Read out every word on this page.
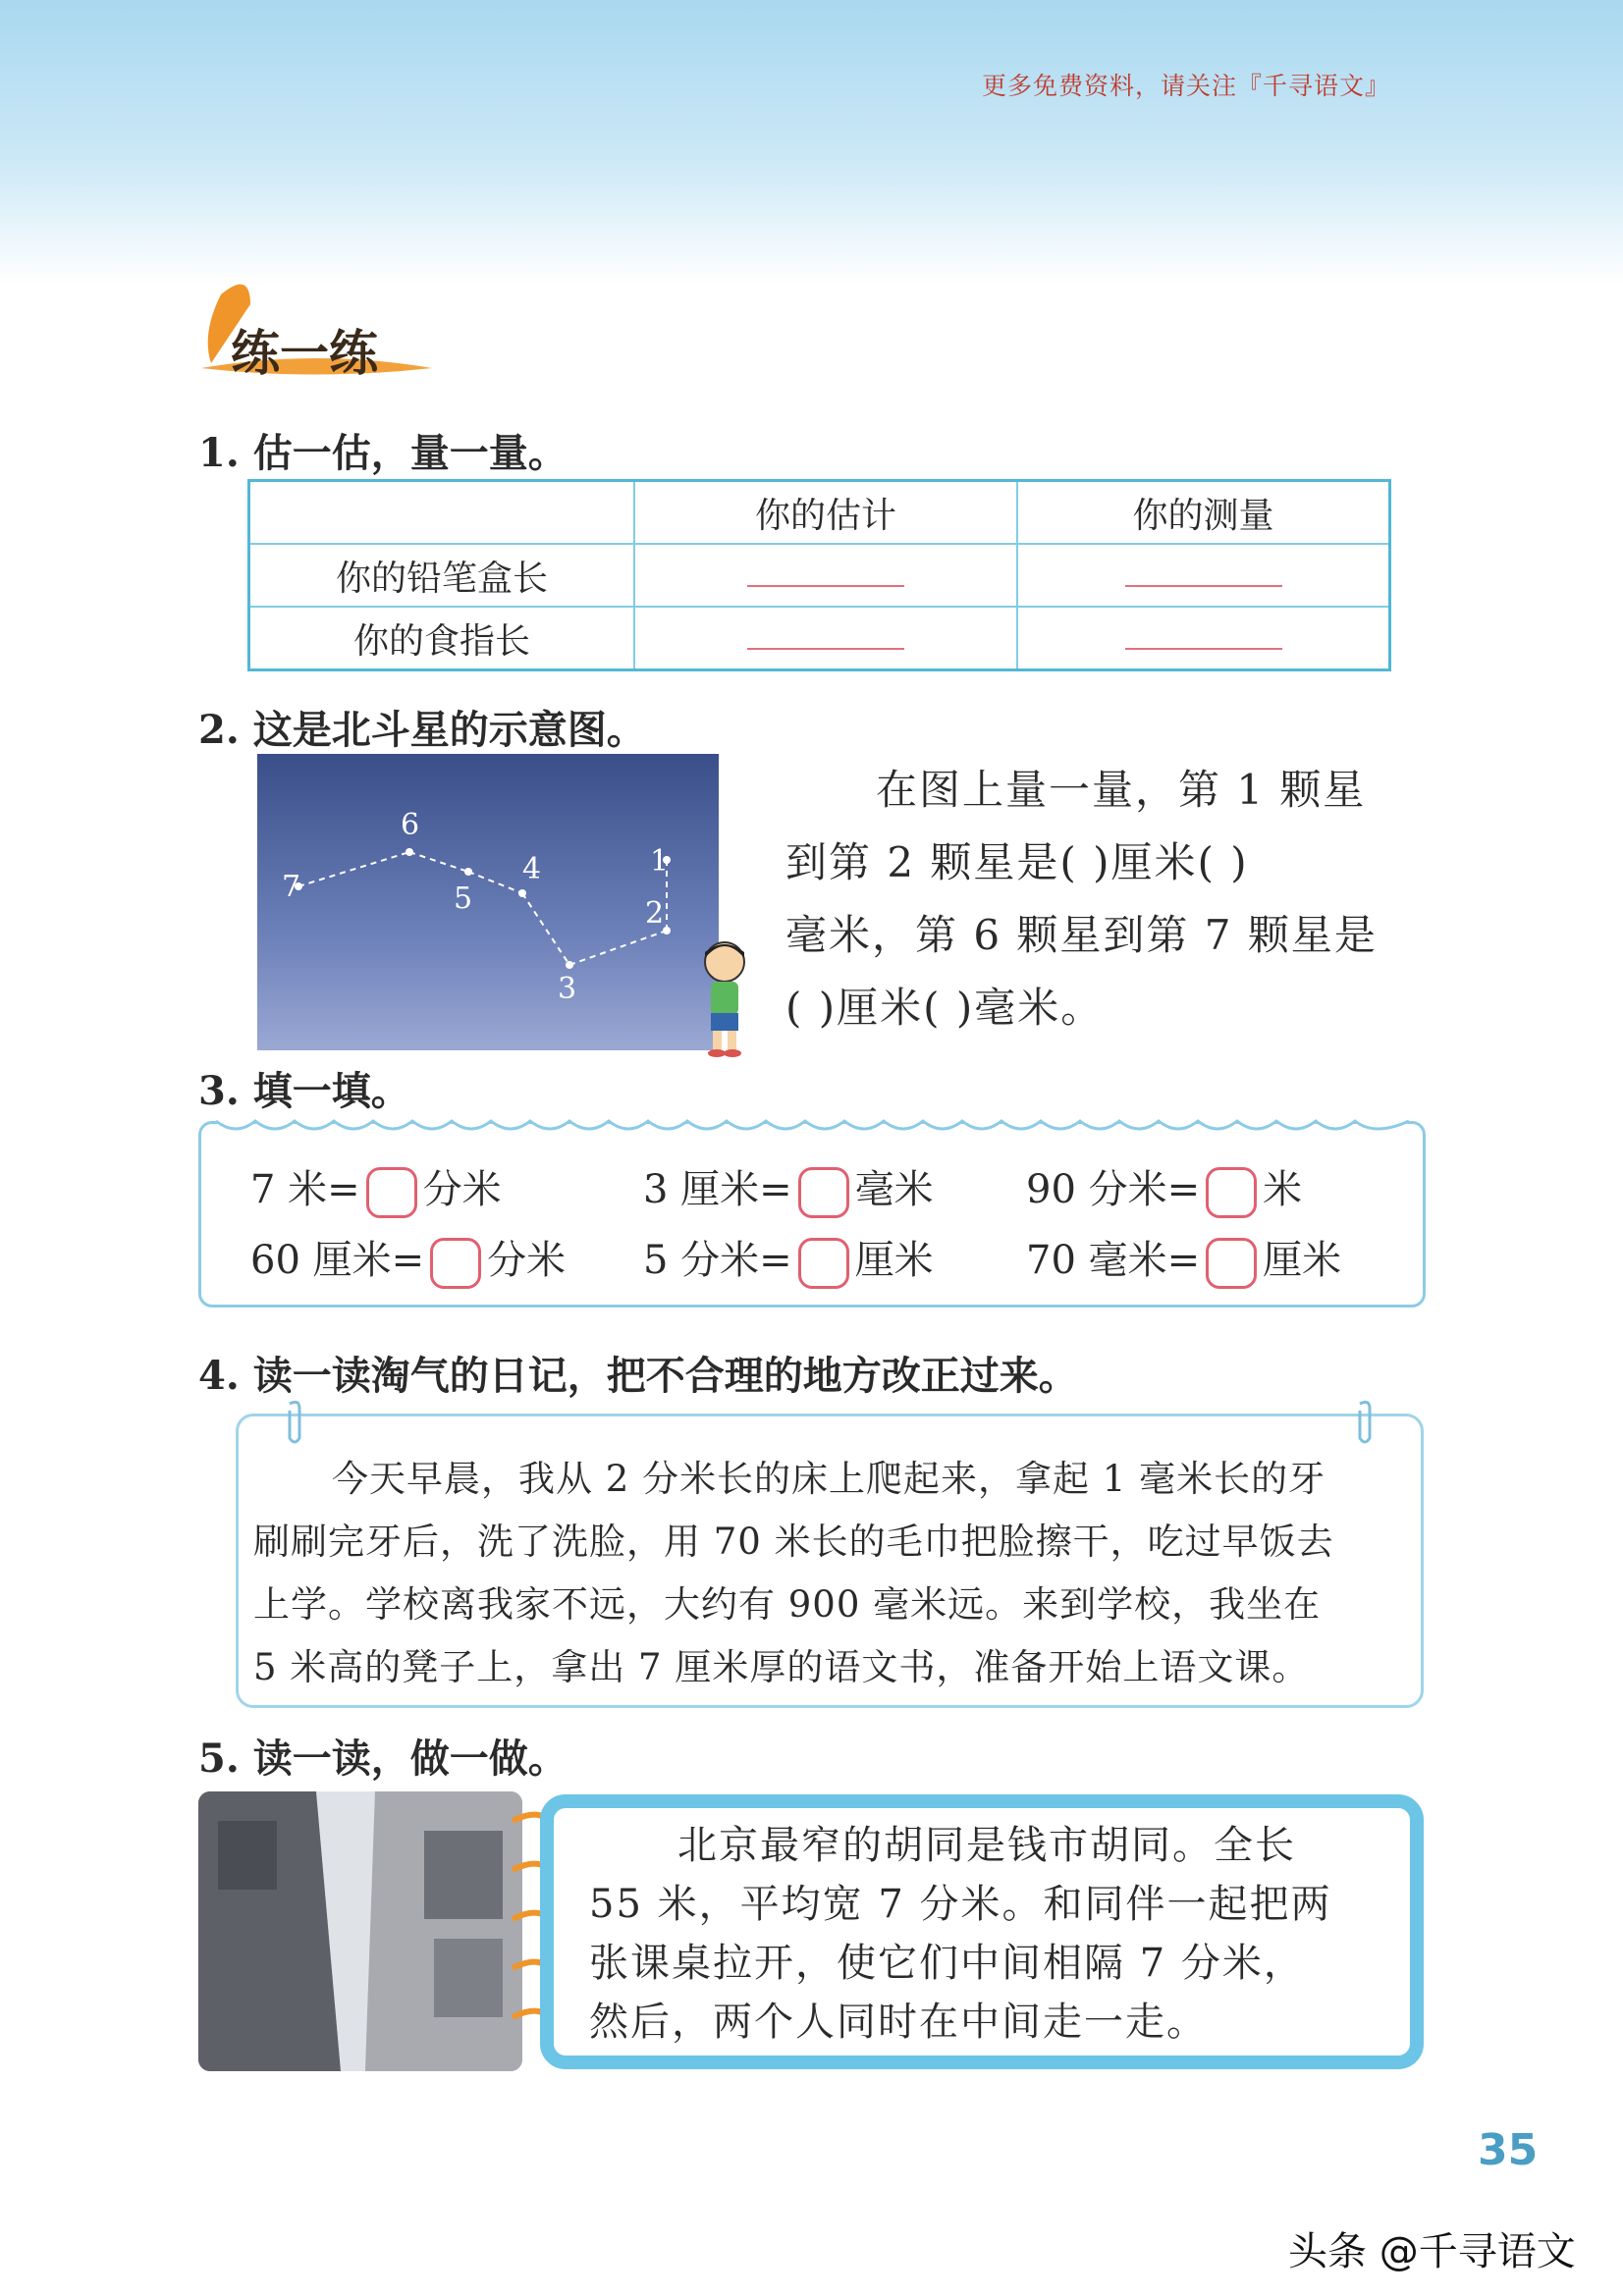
更多免费资料，请关注『千寻语文』
练一练
1. 估一估，量一量。
	你的估计	你的测量
你的铅笔盒长		
你的食指长		
2. 这是北斗星的示意图。
1
2
3
4
5
6
7
在图上量一量，第 1 颗星
到第 2 颗星是( )厘米( )
毫米，第 6 颗星到第 7 颗星是
( )厘米( )毫米。
3. 填一填。
7 米= 分米	3 厘米= 毫米 90 分米= 米
60 厘米= 分米 5 分米= 厘米 70 毫米= 厘米
4. 读一读淘气的日记，把不合理的地方改正过来。
今天早晨，我从 2 分米长的床上爬起来，拿起 1 毫米长的牙
刷刷完牙后，洗了洗脸，用 70 米长的毛巾把脸擦干，吃过早饭去
上学。学校离我家不远，大约有 900 毫米远。来到学校，我坐在
5 米高的凳子上，拿出 7 厘米厚的语文书，准备开始上语文课。
5. 读一读，做一做。
北京最窄的胡同是钱市胡同。全长
55 米，平均宽 7 分米。和同伴一起把两
张课桌拉开，使它们中间相隔 7 分米，
然后，两个人同时在中间走一走。
35
头条 @千寻语文
